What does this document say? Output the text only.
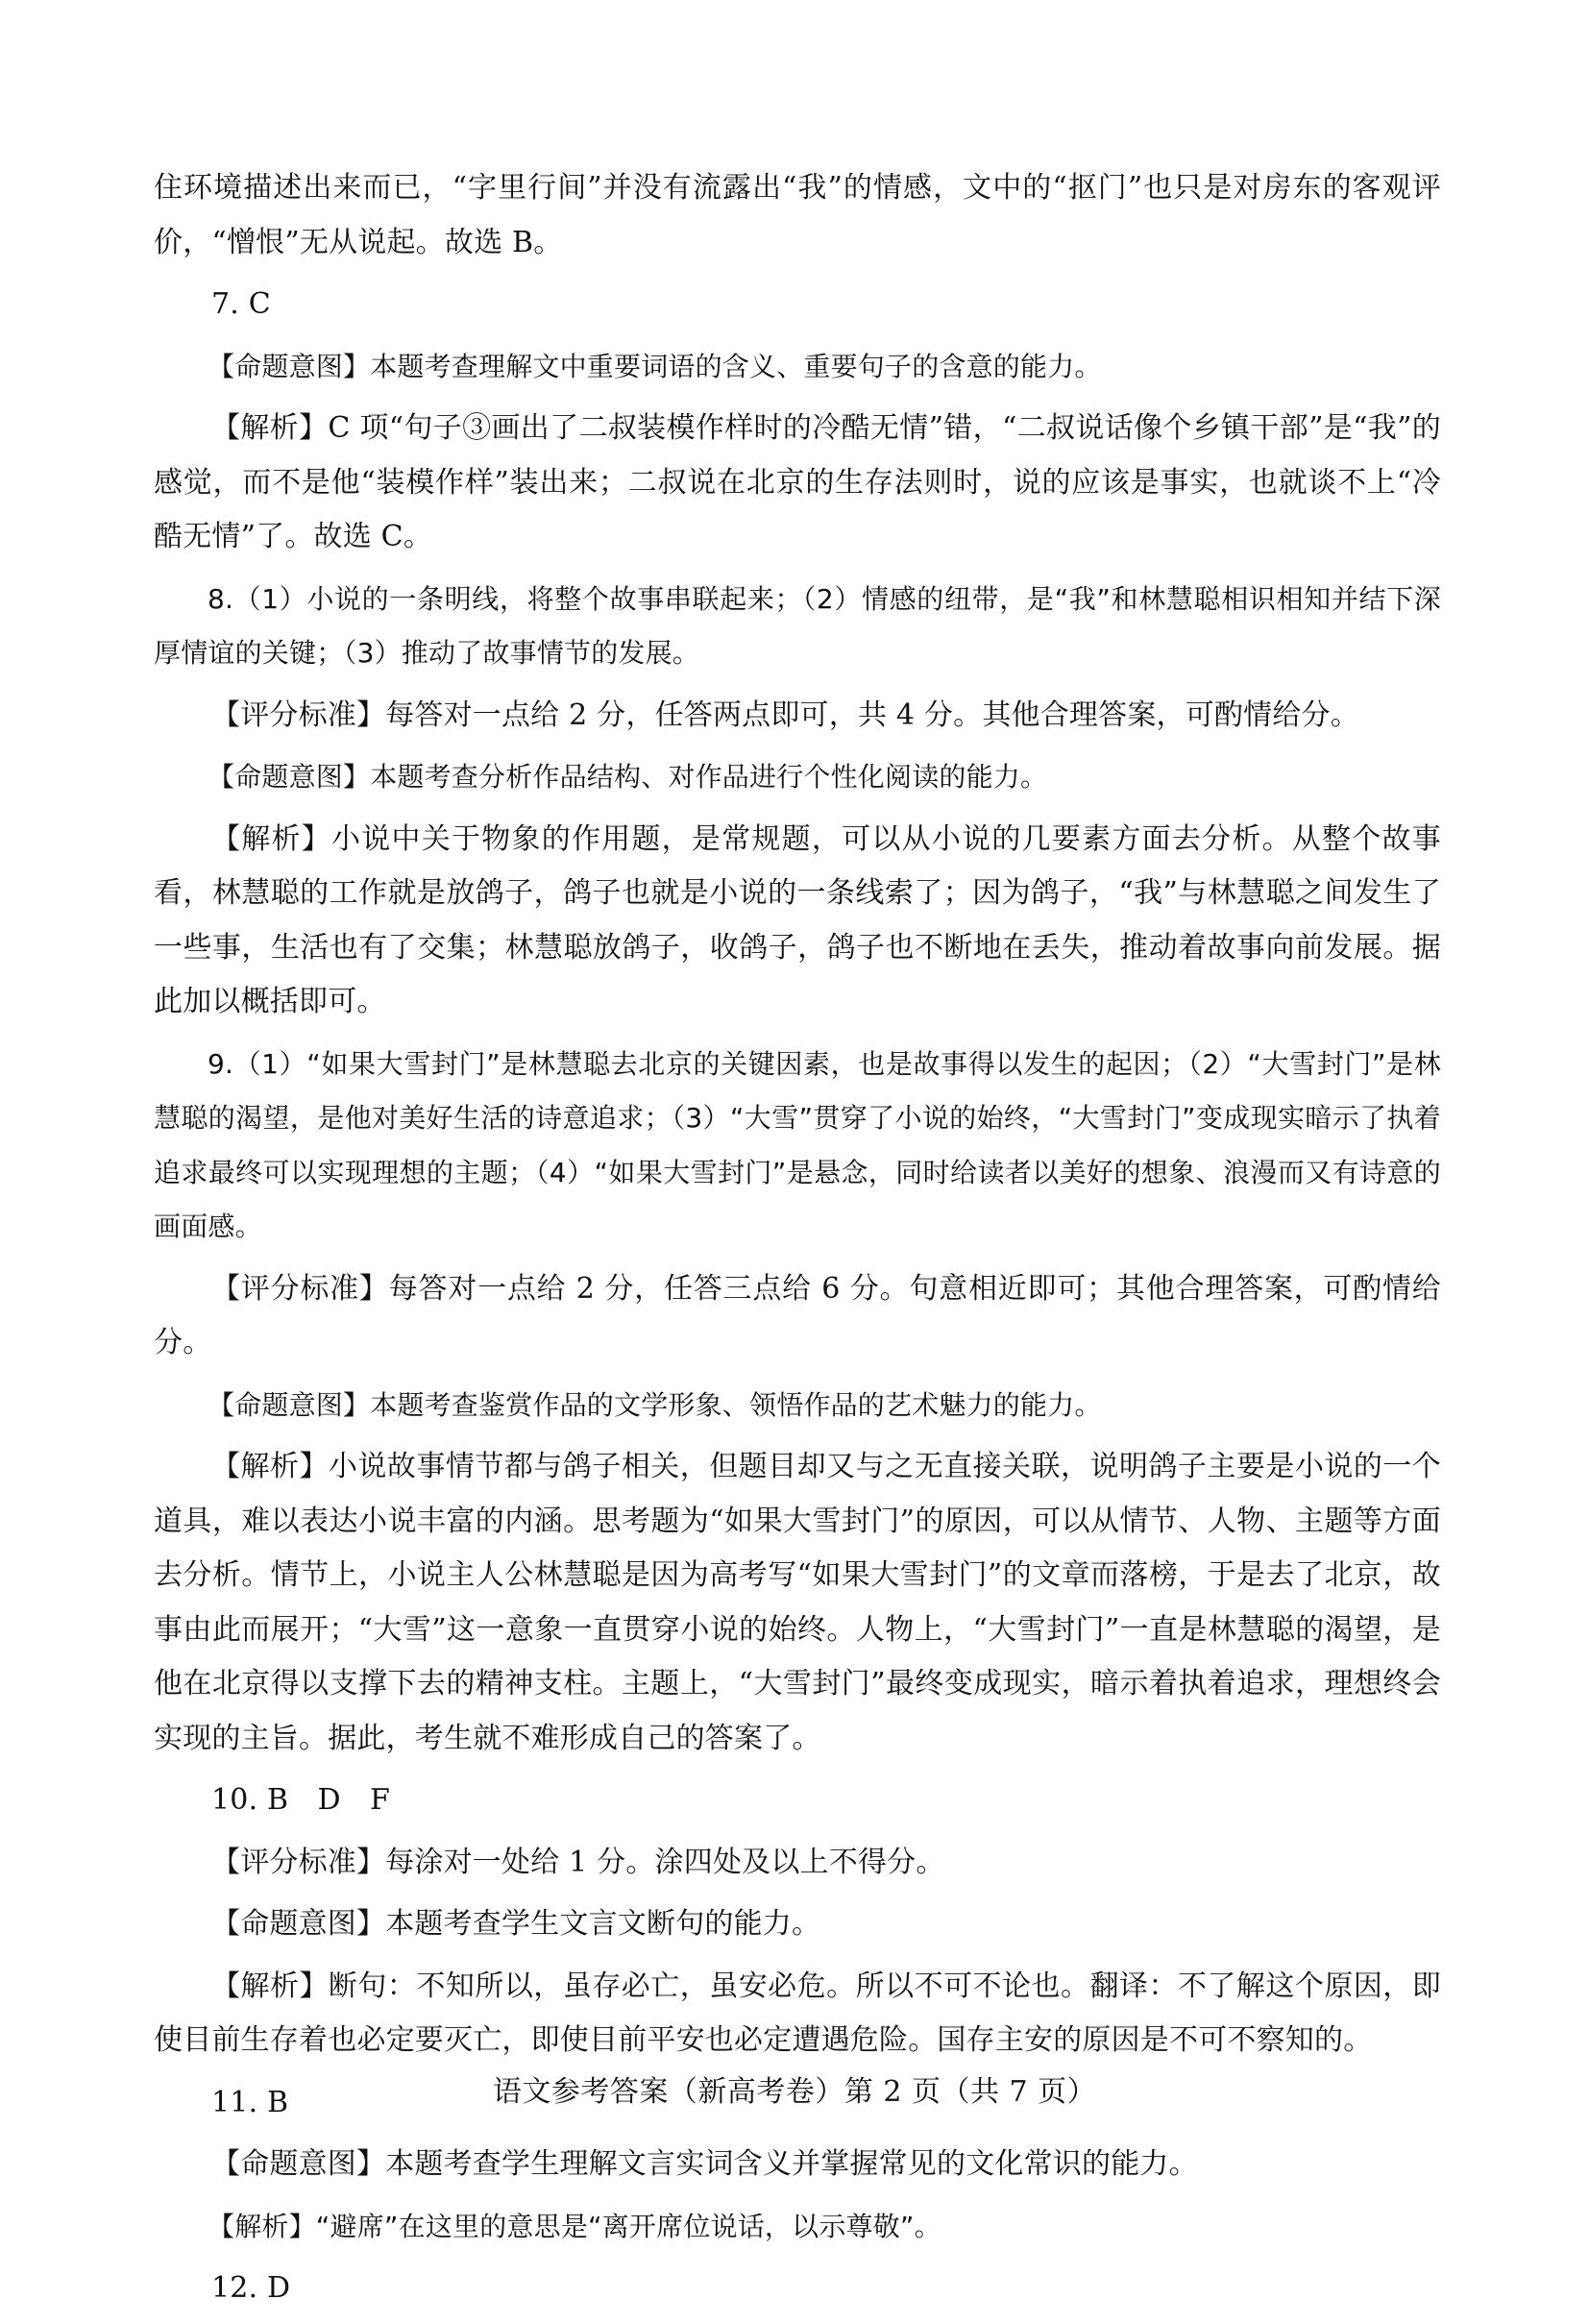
住环境描述出来而已，“字里行间”并没有流露出“我”的情感，文中的“抠门”也只是对房东的客观评价，“憎恨”无从说起。故选 B。

7. C

【命题意图】本题考查理解文中重要词语的含义、重要句子的含意的能力。

【解析】C 项“句子③画出了二叔装模作样时的冷酷无情”错，“二叔说话像个乡镇干部”是“我”的感觉，而不是他“装模作样”装出来；二叔说在北京的生存法则时，说的应该是事实，也就谈不上“冷酷无情”了。故选 C。

8.（1）小说的一条明线，将整个故事串联起来；（2）情感的纽带，是“我”和林慧聪相识相知并结下深厚情谊的关键；（3）推动了故事情节的发展。

【评分标准】每答对一点给 2 分，任答两点即可，共 4 分。其他合理答案，可酌情给分。

【命题意图】本题考查分析作品结构、对作品进行个性化阅读的能力。

【解析】小说中关于物象的作用题，是常规题，可以从小说的几要素方面去分析。从整个故事看，林慧聪的工作就是放鸽子，鸽子也就是小说的一条线索了；因为鸽子，“我”与林慧聪之间发生了一些事，生活也有了交集；林慧聪放鸽子，收鸽子，鸽子也不断地在丢失，推动着故事向前发展。据此加以概括即可。

9.（1）“如果大雪封门”是林慧聪去北京的关键因素，也是故事得以发生的起因；（2）“大雪封门”是林慧聪的渴望，是他对美好生活的诗意追求；（3）“大雪”贯穿了小说的始终，“大雪封门”变成现实暗示了执着追求最终可以实现理想的主题；（4）“如果大雪封门”是悬念，同时给读者以美好的想象、浪漫而又有诗意的画面感。

【评分标准】每答对一点给 2 分，任答三点给 6 分。句意相近即可；其他合理答案，可酌情给分。

【命题意图】本题考查鉴赏作品的文学形象、领悟作品的艺术魅力的能力。

【解析】小说故事情节都与鸽子相关，但题目却又与之无直接关联，说明鸽子主要是小说的一个道具，难以表达小说丰富的内涵。思考题为“如果大雪封门”的原因，可以从情节、人物、主题等方面去分析。情节上，小说主人公林慧聪是因为高考写“如果大雪封门”的文章而落榜，于是去了北京，故事由此而展开；“大雪”这一意象一直贯穿小说的始终。人物上，“大雪封门”一直是林慧聪的渴望，是他在北京得以支撑下去的精神支柱。主题上，“大雪封门”最终变成现实，暗示着执着追求，理想终会实现的主旨。据此，考生就不难形成自己的答案了。

10. B　D　F

【评分标准】每涂对一处给 1 分。涂四处及以上不得分。

【命题意图】本题考查学生文言文断句的能力。

【解析】断句：不知所以，虽存必亡，虽安必危。所以不可不论也。翻译：不了解这个原因，即使目前生存着也必定要灭亡，即使目前平安也必定遭遇危险。国存主安的原因是不可不察知的。

11. B

【命题意图】本题考查学生理解文言实词含义并掌握常见的文化常识的能力。

【解析】“避席”在这里的意思是“离开席位说话，以示尊敬”。

12. D

语文参考答案（新高考卷）第 2 页（共 7 页）
